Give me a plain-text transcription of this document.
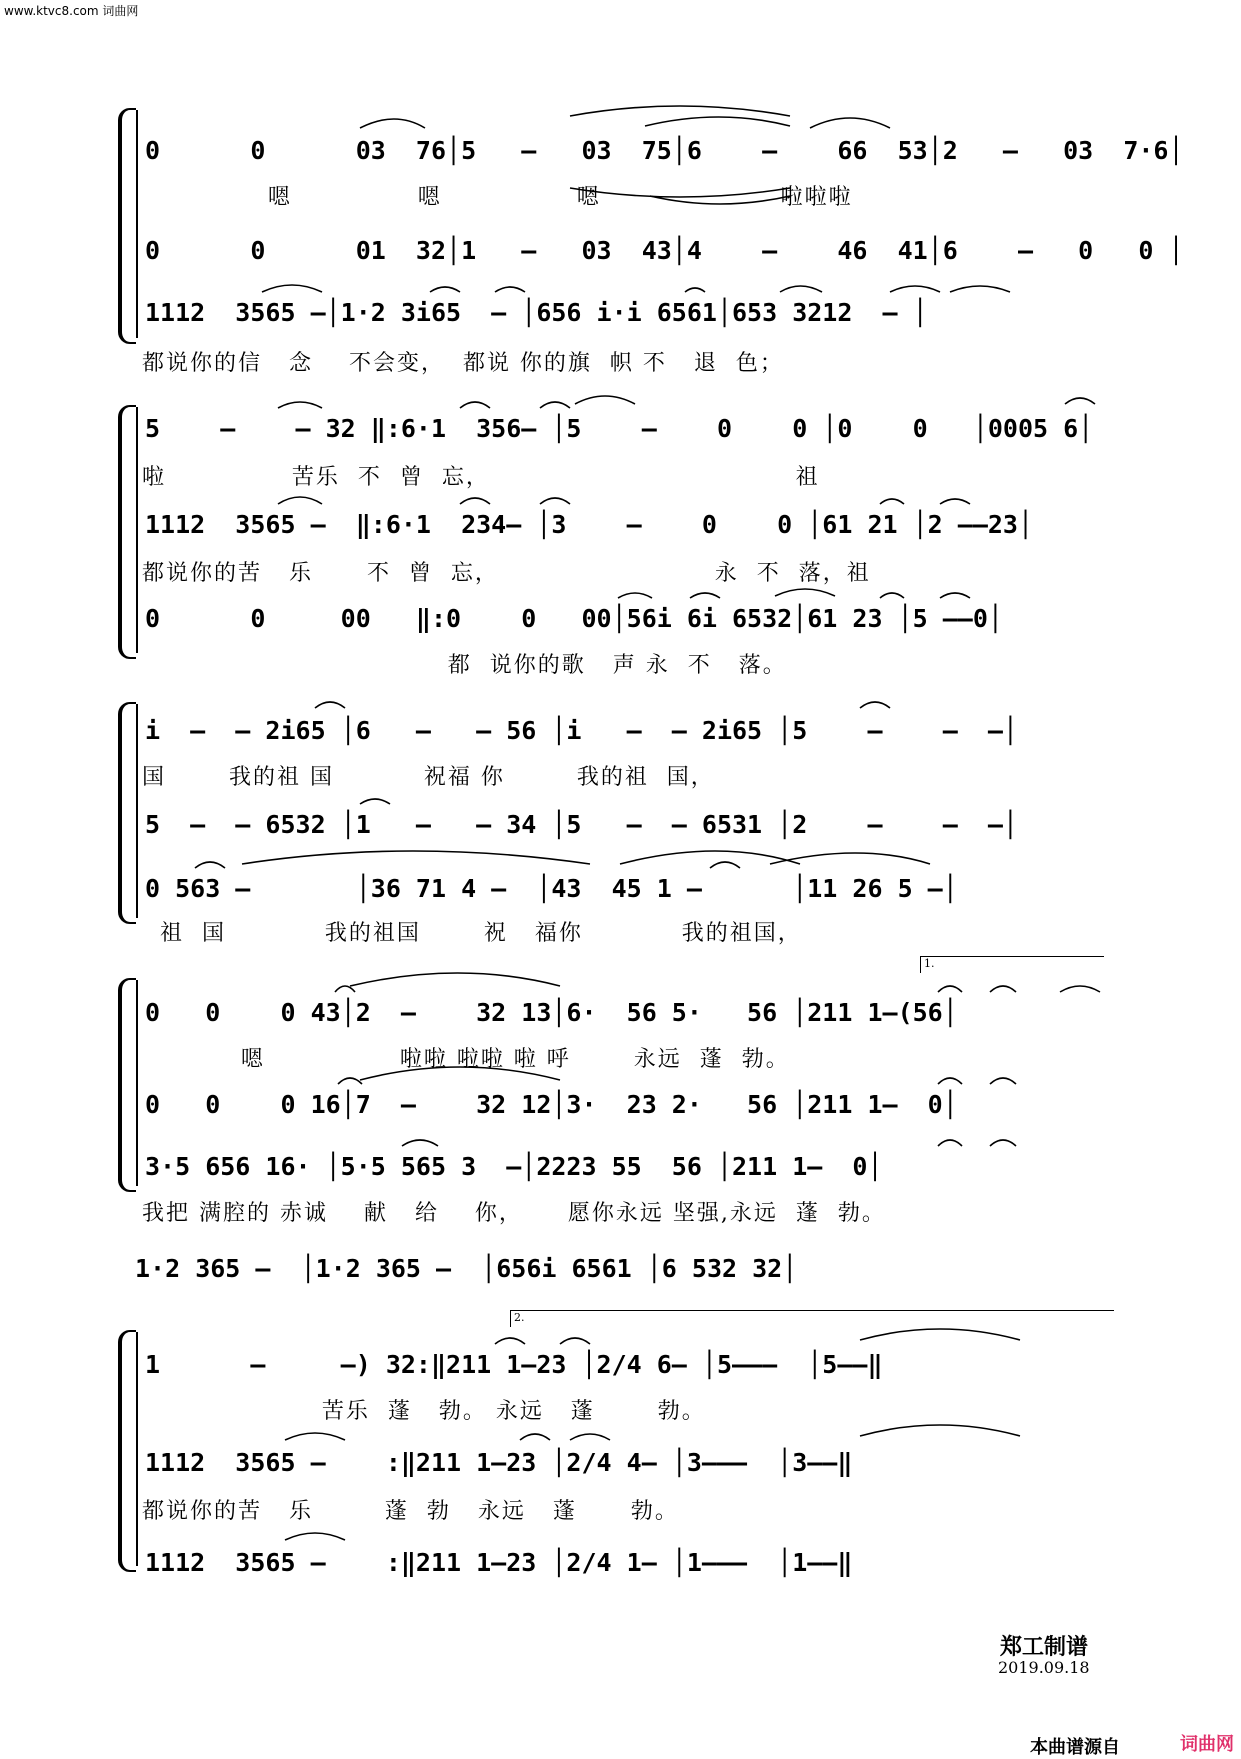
www.ktvc8.com 词曲网
0      0      03  76│5   –   03  75│6    –    66  53│2   –   03  7·6│
嗯              嗯               嗯                    啦啦啦
0      0      01  32│1   –   03  43│4    –    46  41│6    –   0   0 │
1112  3565 –│1·2 3i65  – │656 i·i 6561│653 3212  – │
都说你的信   念    不会变，  都说 你的旗  帜 不   退  色；
5    –    – 32 ‖:6·1  356– │5    –    0    0 │0    0   │0005 6│
啦              苦乐  不  曾  忘，                                  祖
1112  3565 –  ‖:6·1  234– │3    –    0    0 │61 21 │2 ––23│
都说你的苦   乐      不  曾  忘，                        永  不  落，祖
0      0     00   ‖:0    0   00│56i 6i 6532│61 23 │5 ––0│
都  说你的歌   声 永  不   落。
i  –  – 2i65 │6   –   – 56 │i   –  – 2i65 │5    –    –  –│
国       我的祖 国          祝福 你        我的祖  国，
5  –  – 6532 │1   –   – 34 │5   –  – 6531 │2    –    –  –│
0 563 –       │36 71 4 –  │43  45 1 –      │11 26 5 –│
祖  国           我的祖国       祝   福你           我的祖国，
1.
0   0    0 43│2  –    32 13│6·  56 5·   56 │211 1–(56│
嗯               啦啦 啦啦 啦 呼       永远  蓬  勃。
0   0    0 16│7  –    32 12│3·  23 2·   56 │211 1–  0│
3·5 656 16· │5·5 565 3  –│2223 55  56 │211 1–  0│
我把 满腔的 赤诚    献   给    你，     愿你永远 坚强,永远  蓬  勃。
1·2 365 –  │1·2 365 –  │656i 6561 │6 532 32│
2.
1      –     –) 32:‖211 1–23 │2/4 6– │5–––  │5––‖
苦乐  蓬   勃。 永远   蓬       勃。
1112  3565 –    :‖211 1–23 │2/4 4– │3–––  │3––‖
都说你的苦   乐        蓬  勃   永远   蓬      勃。
1112  3565 –    :‖211 1–23 │2/4 1– │1–––  │1––‖
郑工制谱
2019.09.18
本曲谱源自	词曲网
